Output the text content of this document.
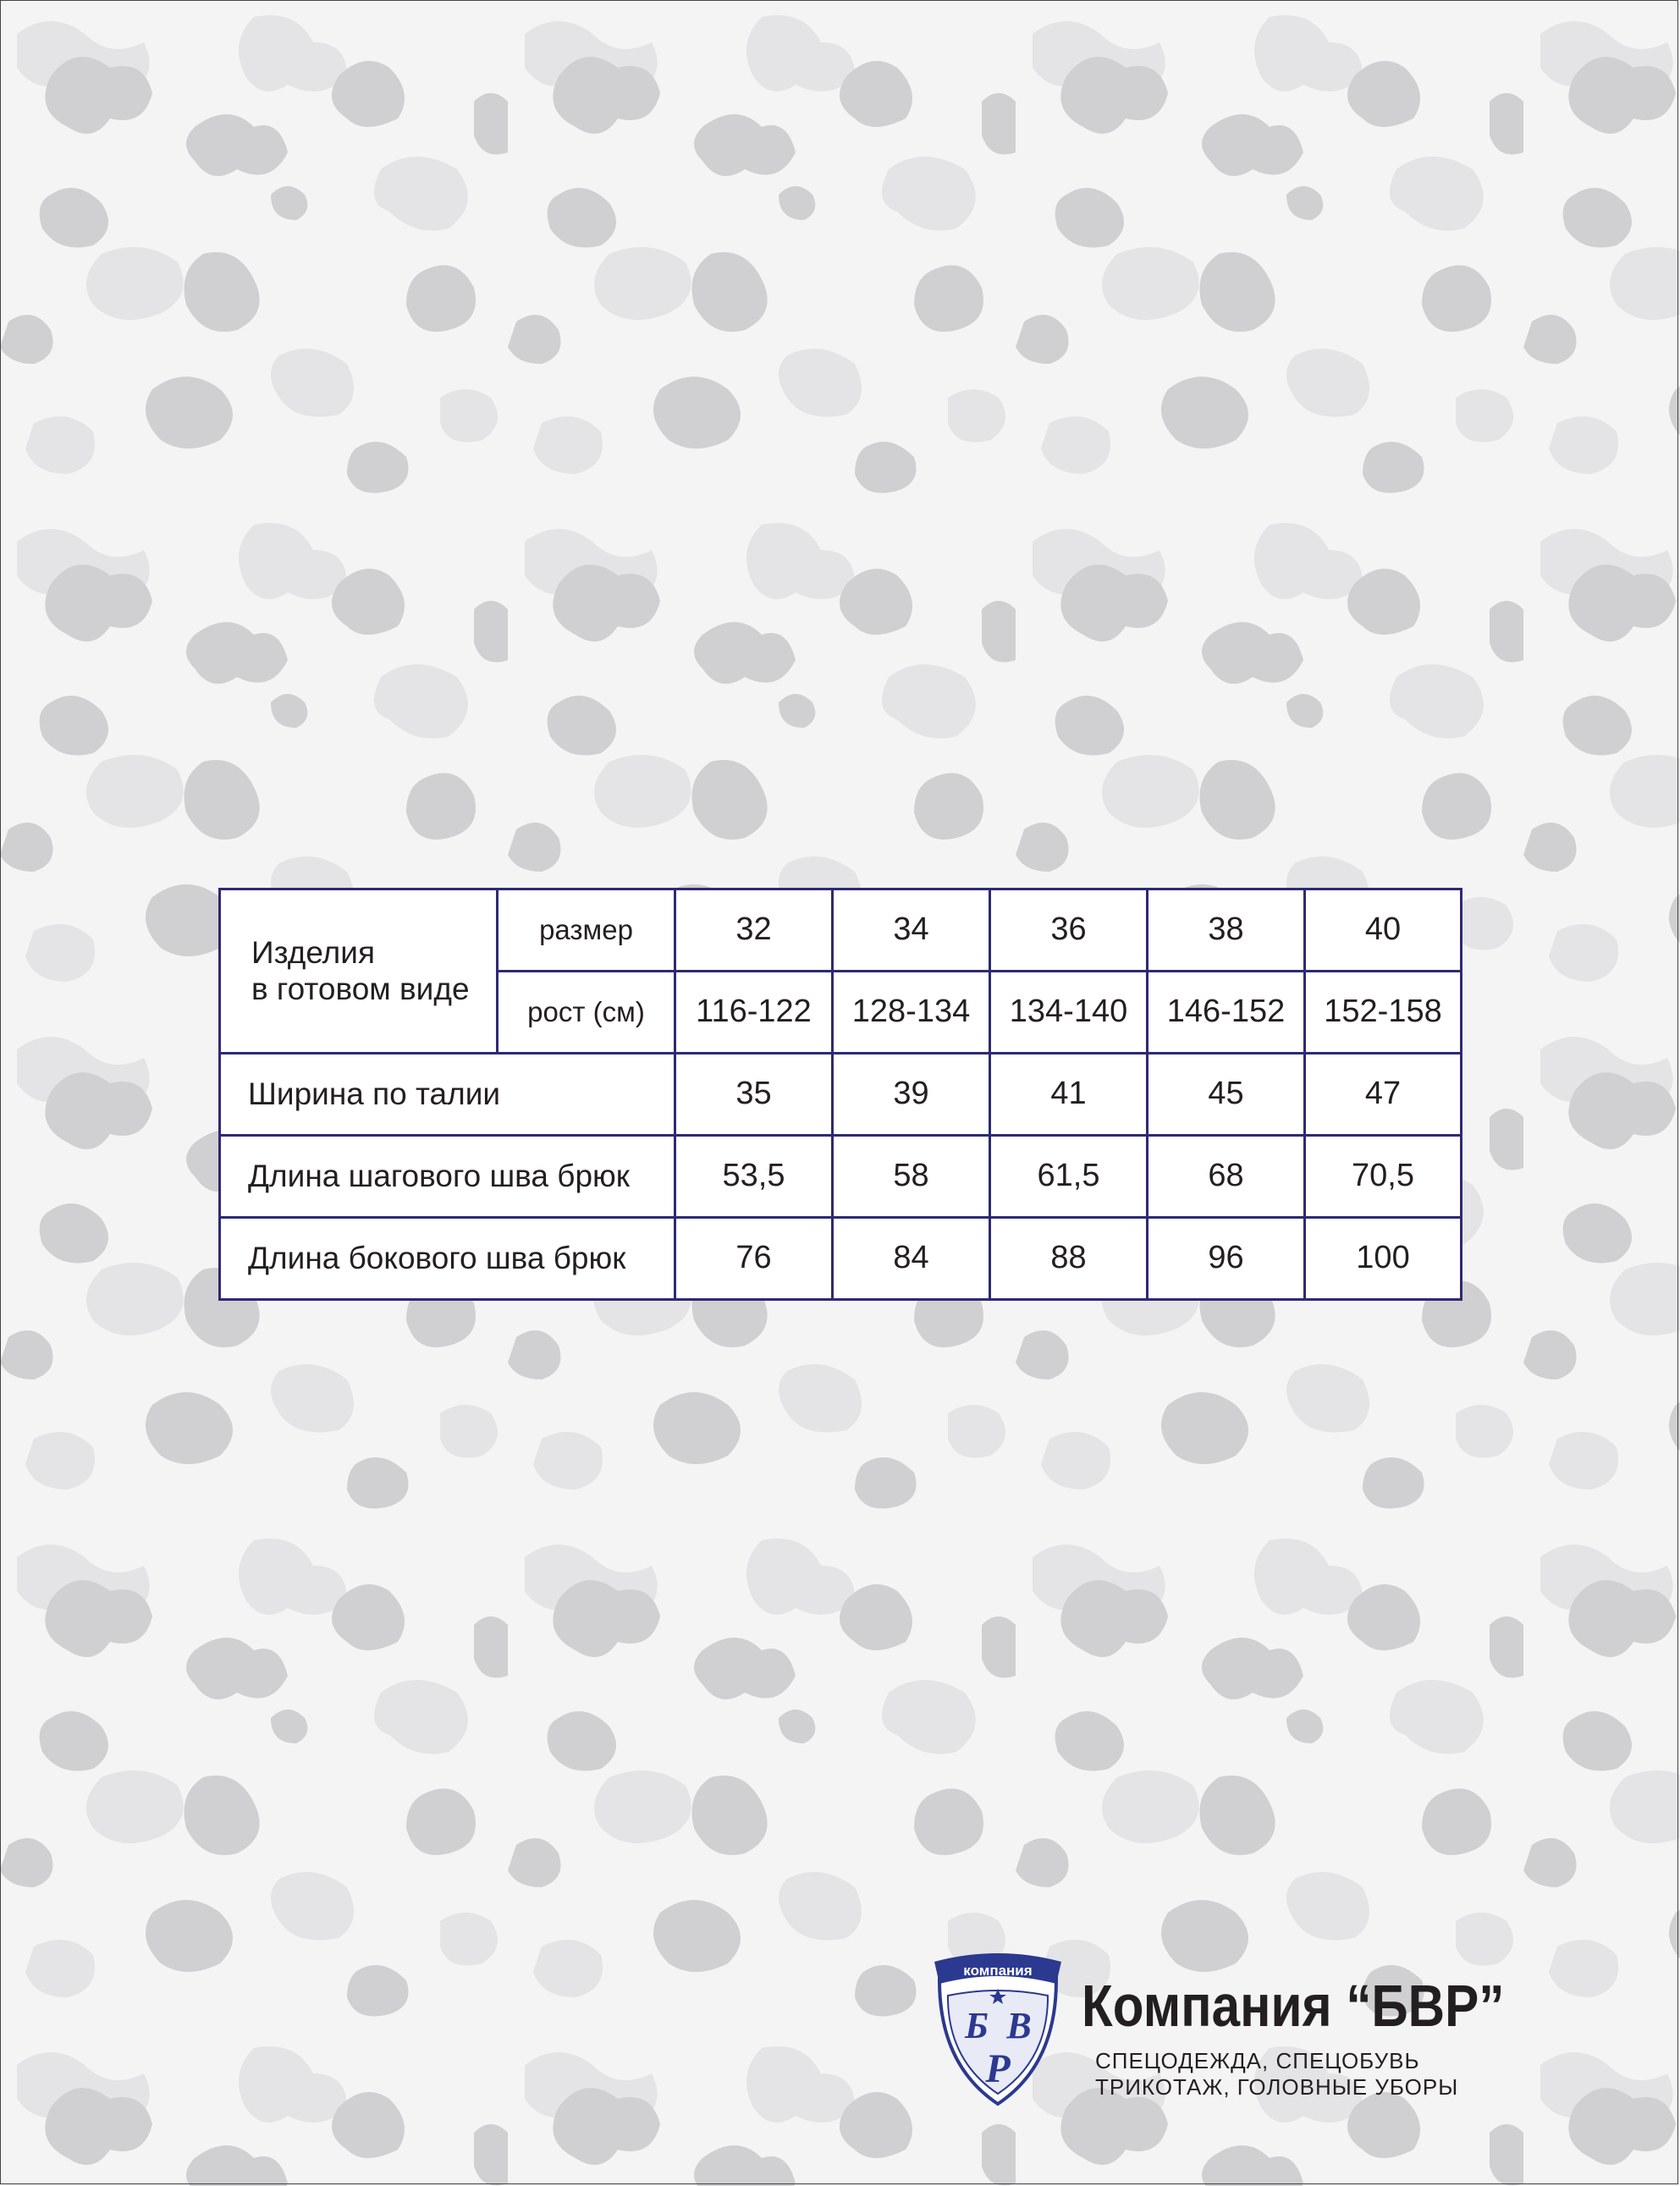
Изделия
в готовом виде	размер	32	34	36	38	40
	рост (см)	116-122	128-134	134-140	146-152	152-158
Ширина по талии		35	39	41	45	47
Длина шагового шва брюк		53,5	58	61,5	68	70,5
Длина бокового шва брюк		76	84	88	96	100
компания
Б В
Р
Компания “БВР”
СПЕЦОДЕЖДА, СПЕЦОБУВЬ
ТРИКОТАЖ, ГОЛОВНЫЕ УБОРЫ
